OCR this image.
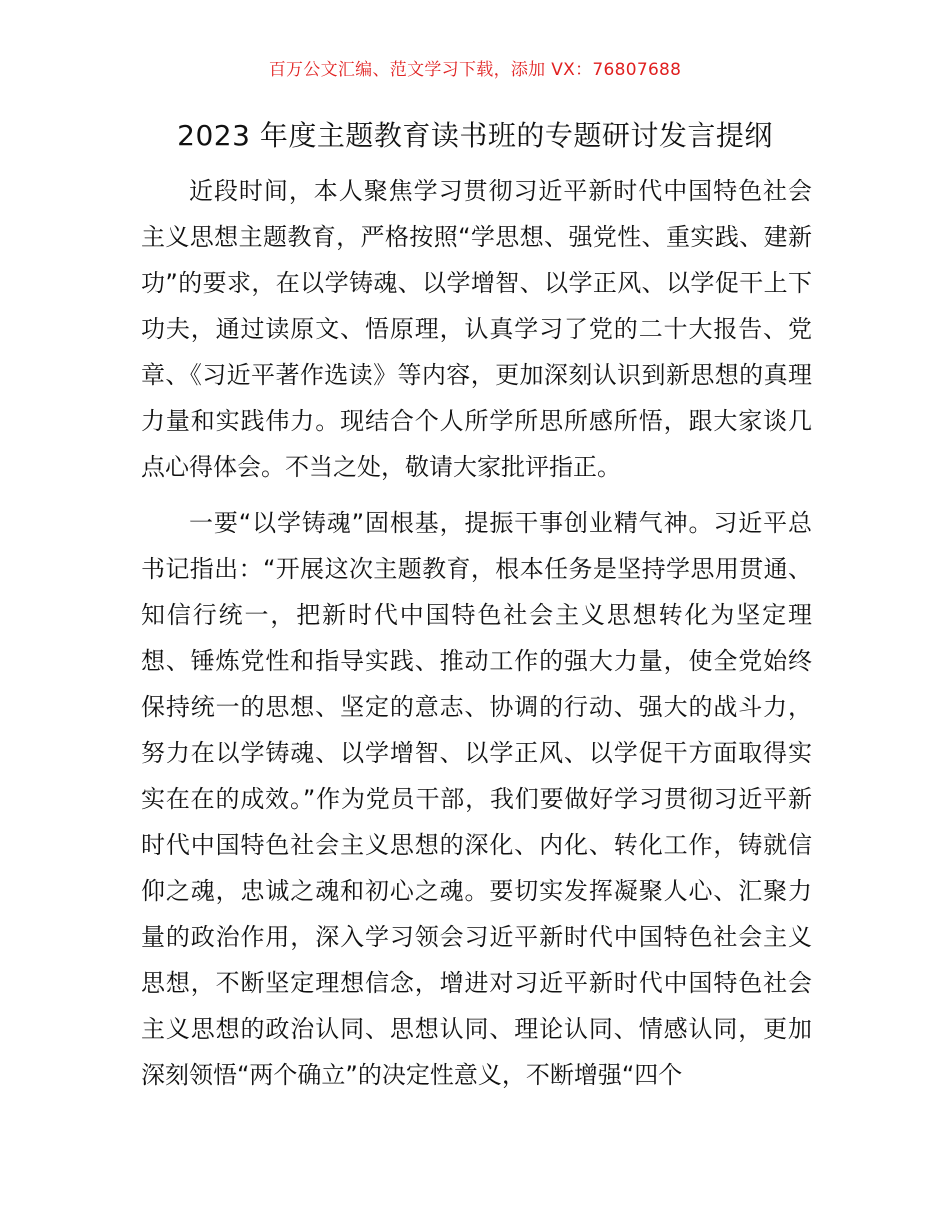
百万公文汇编、范文学习下载，添加 VX：76807688
2023 年度主题教育读书班的专题研讨发言提纲

近段时间，本人聚焦学习贯彻习近平新时代中国特色社会主义思想主题教育，严格按照“学思想、强党性、重实践、建新功”的要求，在以学铸魂、以学增智、以学正风、以学促干上下功夫，通过读原文、悟原理，认真学习了党的二十大报告、党章、《习近平著作选读》等内容，更加深刻认识到新思想的真理力量和实践伟力。现结合个人所学所思所感所悟，跟大家谈几点心得体会。不当之处，敬请大家批评指正。

一要“以学铸魂”固根基，提振干事创业精气神。习近平总书记指出：“开展这次主题教育，根本任务是坚持学思用贯通、知信行统一，把新时代中国特色社会主义思想转化为坚定理想、锤炼党性和指导实践、推动工作的强大力量，使全党始终保持统一的思想、坚定的意志、协调的行动、强大的战斗力，努力在以学铸魂、以学增智、以学正风、以学促干方面取得实实在在的成效。”作为党员干部，我们要做好学习贯彻习近平新时代中国特色社会主义思想的深化、内化、转化工作，铸就信仰之魂，忠诚之魂和初心之魂。要切实发挥凝聚人心、汇聚力量的政治作用，深入学习领会习近平新时代中国特色社会主义思想，不断坚定理想信念，增进对习近平新时代中国特色社会主义思想的政治认同、思想认同、理论认同、情感认同，更加深刻领悟“两个确立”的决定性意义，不断增强“四个
